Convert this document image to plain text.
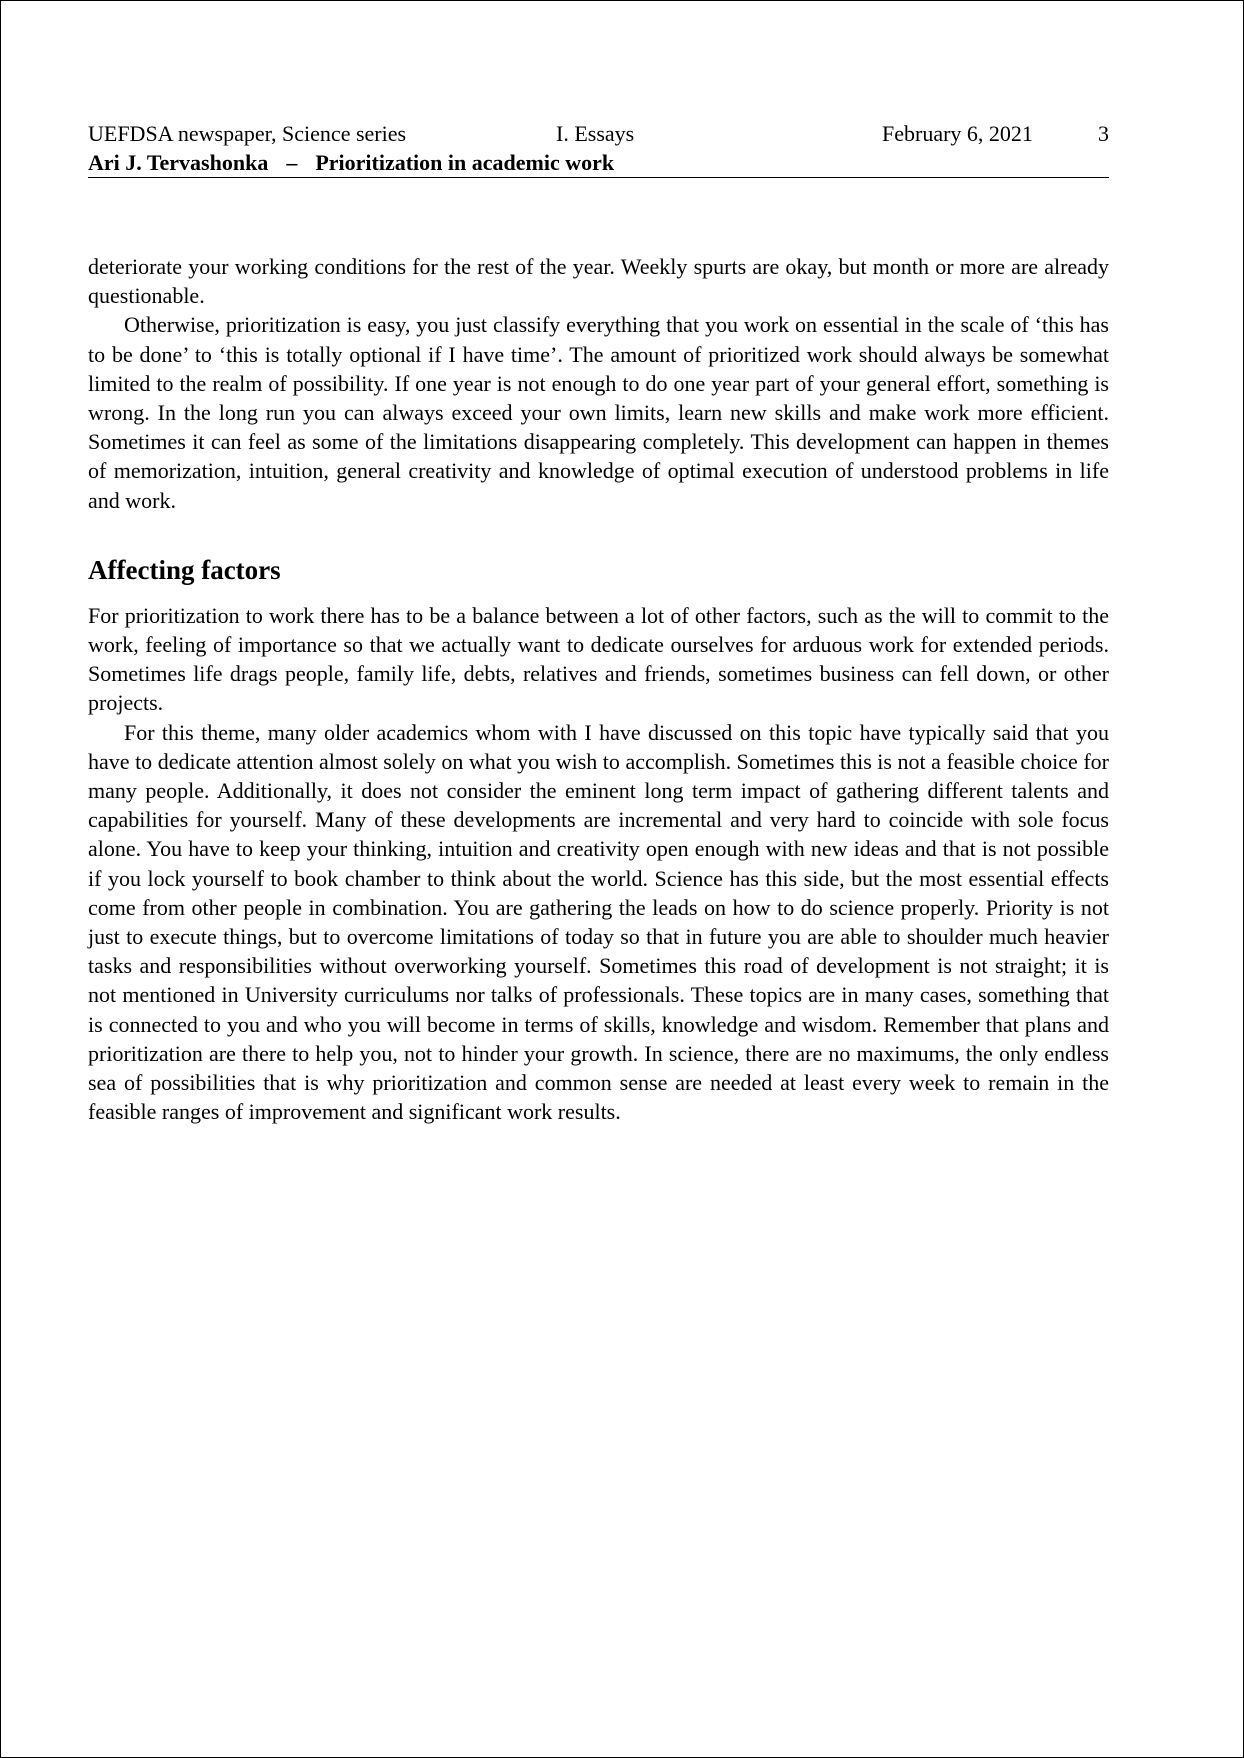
UEFDSA newspaper, Science series	I. Essays	February 6, 2021	3
Ari J. Tervashonka – Prioritization in academic work

deteriorate your working conditions for the rest of the year. Weekly spurts are okay, but month or more are already questionable.

Otherwise, prioritization is easy, you just classify everything that you work on essential in the scale of ‘this has to be done’ to ‘this is totally optional if I have time’. The amount of prioritized work should always be somewhat limited to the realm of possibility. If one year is not enough to do one year part of your general effort, something is wrong. In the long run you can always exceed your own limits, learn new skills and make work more efficient. Sometimes it can feel as some of the limitations disappearing completely. This development can happen in themes of memorization, intuition, general creativity and knowledge of optimal execution of understood problems in life and work.

Affecting factors

For prioritization to work there has to be a balance between a lot of other factors, such as the will to commit to the work, feeling of importance so that we actually want to dedicate ourselves for arduous work for extended periods. Sometimes life drags people, family life, debts, relatives and friends, sometimes business can fell down, or other projects.

For this theme, many older academics whom with I have discussed on this topic have typically said that you have to dedicate attention almost solely on what you wish to accomplish. Sometimes this is not a feasible choice for many people. Additionally, it does not consider the eminent long term impact of gathering different talents and capabilities for yourself. Many of these developments are incremental and very hard to coincide with sole focus alone. You have to keep your thinking, intuition and creativity open enough with new ideas and that is not possible if you lock yourself to book chamber to think about the world. Science has this side, but the most essential effects come from other people in combination. You are gathering the leads on how to do science properly. Priority is not just to execute things, but to overcome limitations of today so that in future you are able to shoulder much heavier tasks and responsibilities without overworking yourself. Sometimes this road of development is not straight; it is not mentioned in University curriculums nor talks of professionals. These topics are in many cases, something that is connected to you and who you will become in terms of skills, knowledge and wisdom. Remember that plans and prioritization are there to help you, not to hinder your growth. In science, there are no maximums, the only endless sea of possibilities that is why prioritization and common sense are needed at least every week to remain in the feasible ranges of improvement and significant work results.
